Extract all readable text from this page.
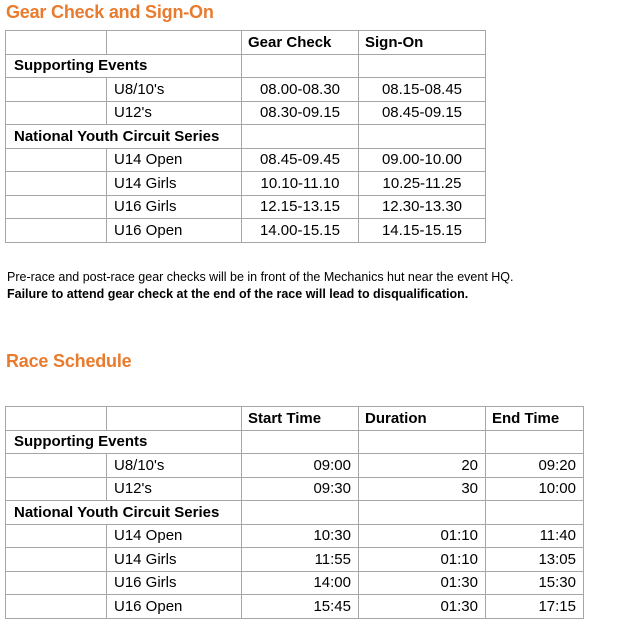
Gear Check and Sign-On
		Gear Check	Sign-On
Supporting Events			
	U8/10's	08.00-08.30	08.15-08.45
	U12's	08.30-09.15	08.45-09.15
National Youth Circuit Series			
	U14 Open	08.45-09.45	09.00-10.00
	U14 Girls	10.10-11.10	10.25-11.25
	U16 Girls	12.15-13.15	12.30-13.30
	U16 Open	14.00-15.15	14.15-15.15

Pre-race and post-race gear checks will be in front of the Mechanics hut near the event HQ.

Failure to attend gear check at the end of the race will lead to disqualification.

Race Schedule
		Start Time	Duration	End Time
Supporting Events				
	U8/10's	09:00	20	09:20
	U12's	09:30	30	10:00
National Youth Circuit Series				
	U14 Open	10:30	01:10	11:40
	U14 Girls	11:55	01:10	13:05
	U16 Girls	14:00	01:30	15:30
	U16 Open	15:45	01:30	17:15
